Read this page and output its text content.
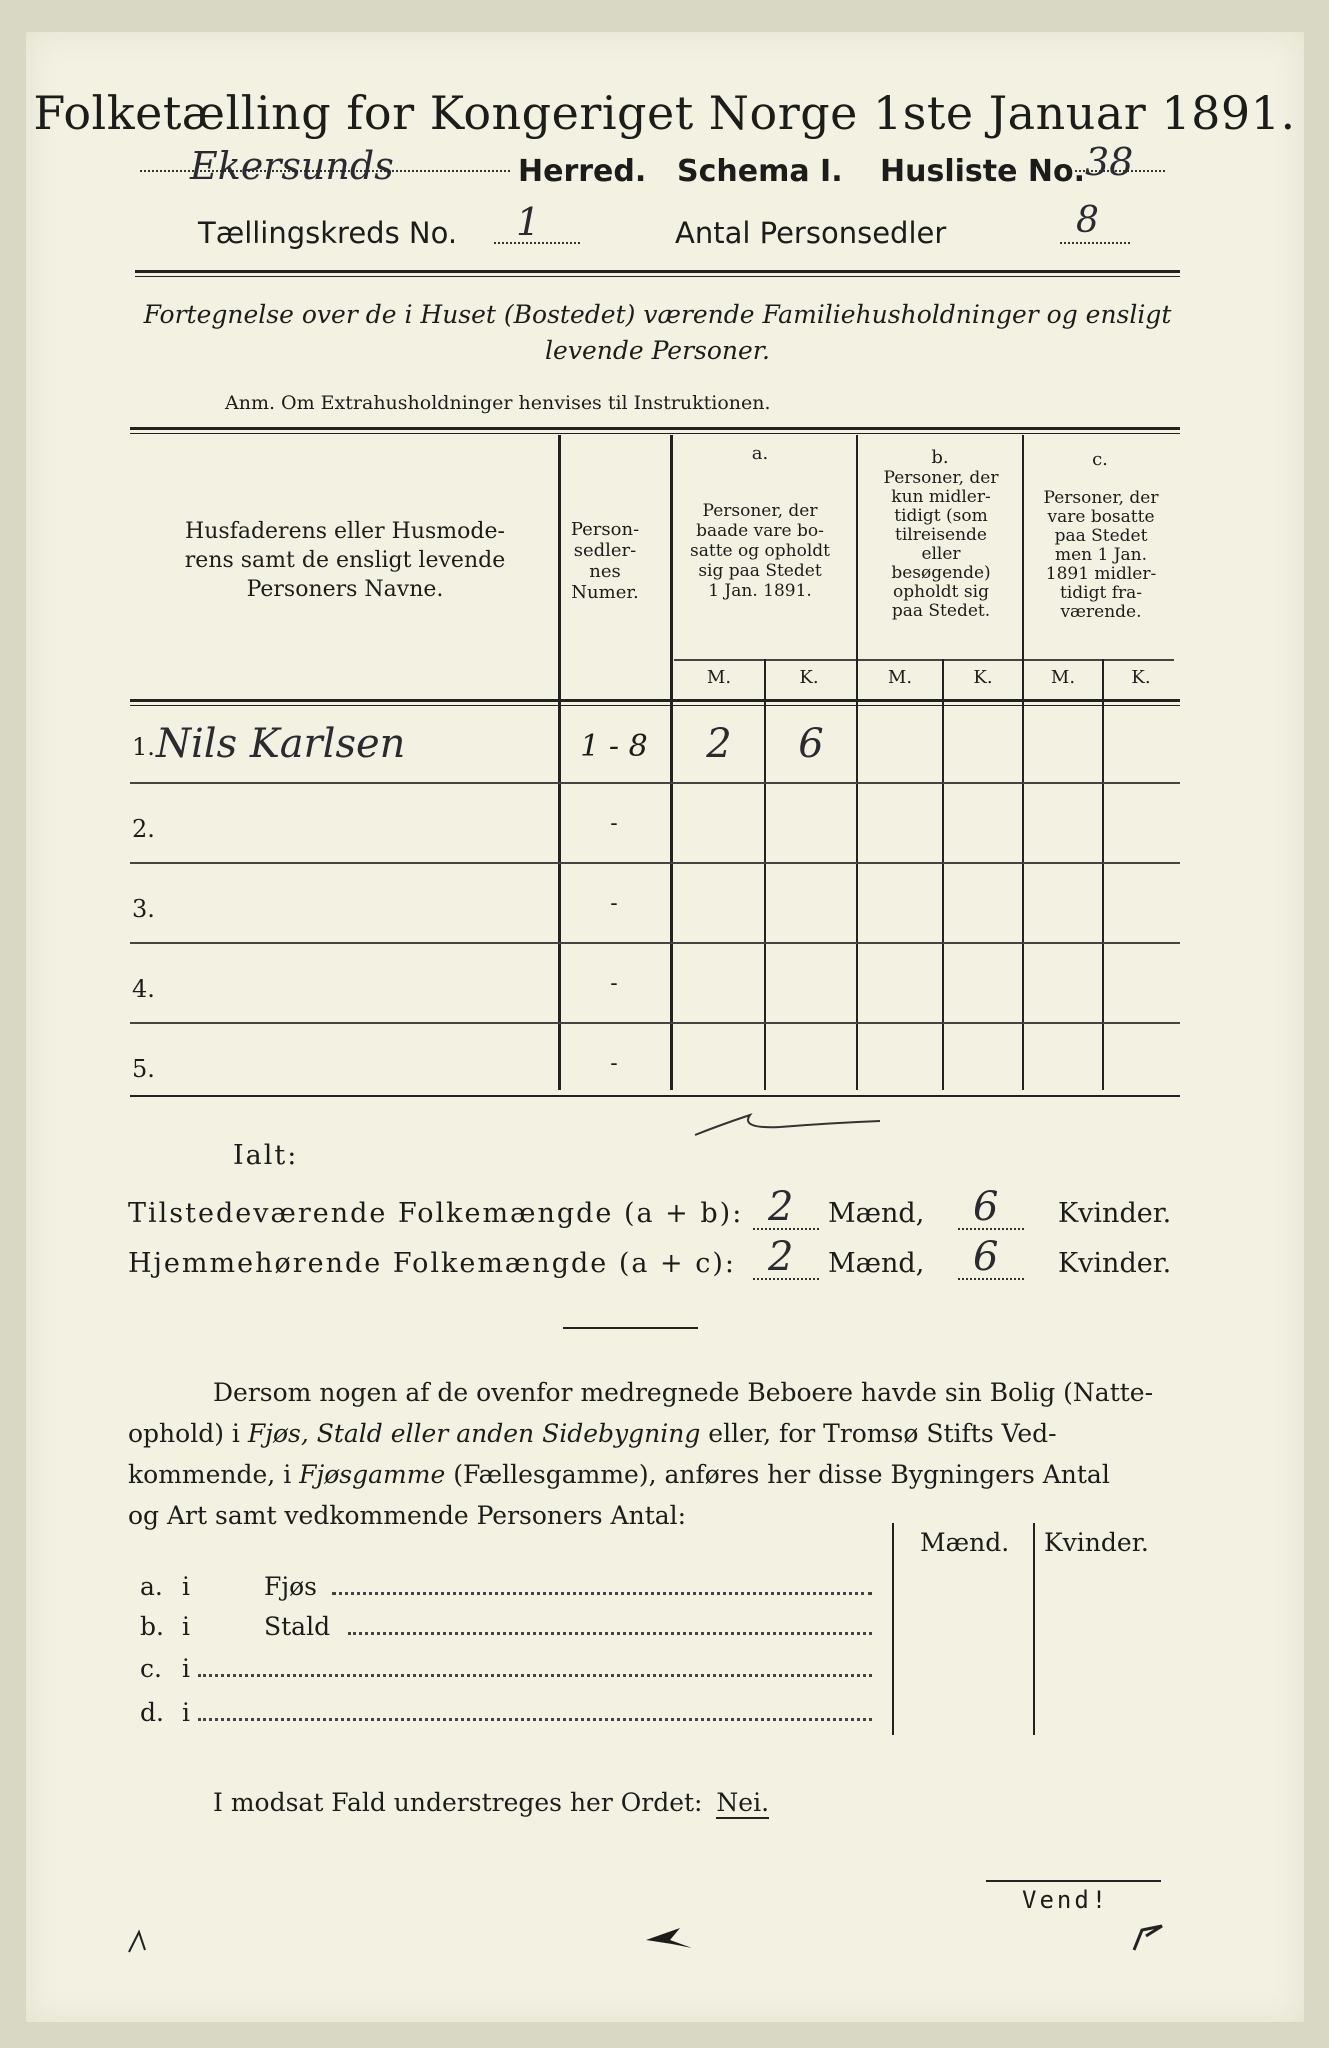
Folketælling for Kongeriget Norge 1ste Januar 1891.
Ekersunds	Herred. Schema I. Husliste No. 38
Tællingskreds No. 1	Antal Personsedler	8
Fortegnelse over de i Huset (Bostedet) værende Familiehusholdninger og ensligt
levende Personer.
Anm. Om Extrahusholdninger henvises til Instruktionen.
Husfaderens eller Husmode-
rens samt de ensligt levende
Personers Navne.
Person-
sedler-
nes
Numer.
a.
Personer, der
baade vare bo-
satte og opholdt
sig paa Stedet
1 Jan. 1891.
b.
Personer, der
kun midler-
tidigt (som
tilreisende
eller
besøgende)
opholdt sig
paa Stedet.
c.
Personer, der
vare bosatte
paa Stedet
men 1 Jan.
1891 midler-
tidigt fra-
værende.
M.	K.	M.	K.	M.	K.
1. Nils Karlsen	1 - 8	2	6
2.	-
3.	-
4.	-
5.	-
Ialt:
Tilstedeværende Folkemængde (a + b): 2 Mænd, 6 Kvinder.
Hjemmehørende Folkemængde (a + c): 2 Mænd, 6 Kvinder.
Dersom nogen af de ovenfor medregnede Beboere havde sin Bolig (Natte-
ophold) i Fjøs, Stald eller anden Sidebygning eller, for Tromsø Stifts Ved-
kommende, i Fjøsgamme (Fællesgamme), anføres her disse Bygningers Antal
og Art samt vedkommende Personers Antal:
Mænd. Kvinder.
a. i	Fjøs
b. i	Stald
c. i
d. i
I modsat Fald understreges her Ordet: Nei.
Vend!
